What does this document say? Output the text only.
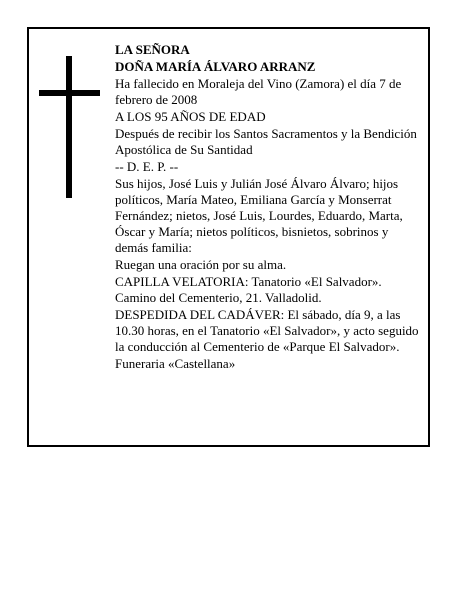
LA SEÑORA

DOÑA MARÍA ÁLVARO ARRANZ

Ha fallecido en Moraleja del Vino (Zamora) el día 7 de febrero de 2008

A LOS 95 AÑOS DE EDAD

Después de recibir los Santos Sacramentos y la Bendición Apostólica de Su Santidad

-- D. E. P. --

Sus hijos, José Luis y Julián José Álvaro Álvaro; hijos políticos, María Mateo, Emiliana García y Monserrat Fernández; nietos, José Luis, Lourdes, Eduardo, Marta, Óscar y María; nietos políticos, bisnietos, sobrinos y demás familia:

Ruegan una oración por su alma.

CAPILLA VELATORIA: Tanatorio «El Salvador». Camino del Cementerio, 21. Valladolid.

DESPEDIDA DEL CADÁVER: El sábado, día 9, a las 10.30 horas, en el Tanatorio «El Salvador», y acto seguido la conducción al Cementerio de «Parque El Salvador».

Funeraria «Castellana»
